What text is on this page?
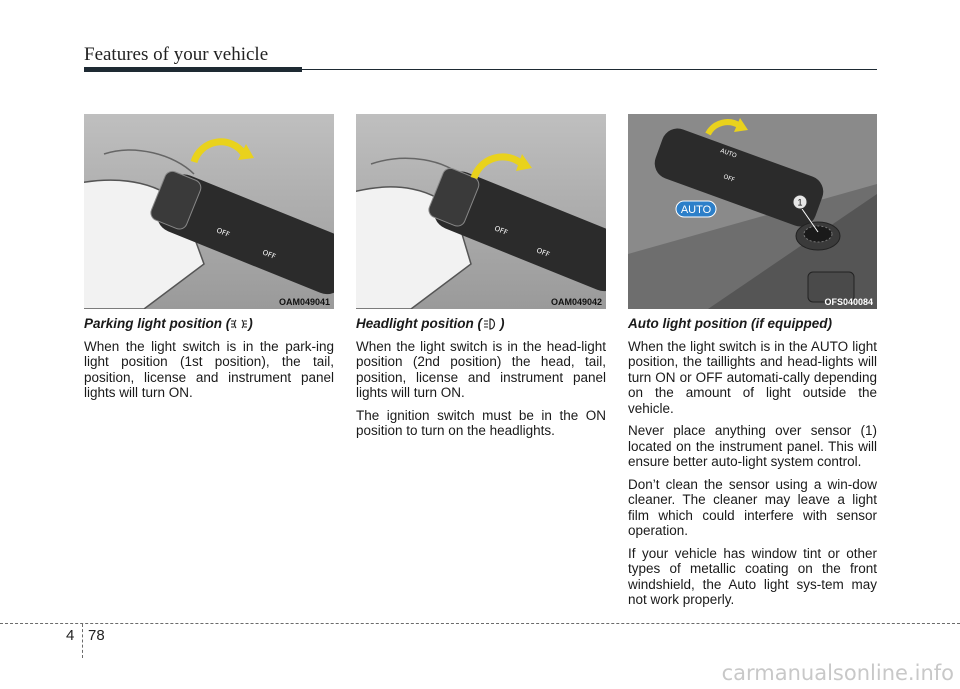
Features of your vehicle
OFF
OFF
OAM049041
OFF
OFF
OAM049042
AUTO
OFF
AUTO
1
OFS040084
Parking light position ( )

When the light switch is in the park-ing light position (1st position), the tail, position, license and instrument panel lights will turn ON.

Headlight position ( )

When the light switch is in the head-light position (2nd position) the head, tail, position, license and instrument panel lights will turn ON.

The ignition switch must be in the ON position to turn on the headlights.

Auto light position (if equipped)

When the light switch is in the AUTO light position, the taillights and head-lights will turn ON or OFF automati-cally depending on the amount of light outside the vehicle.

Never place anything over sensor (1) located on the instrument panel. This will ensure better auto-light system control.

Don’t clean the sensor using a win-dow cleaner. The cleaner may leave a light film which could interfere with sensor operation.

If your vehicle has window tint or other types of metallic coating on the front windshield, the Auto light sys-tem may not work properly.

4 78
carmanualsonline.info
